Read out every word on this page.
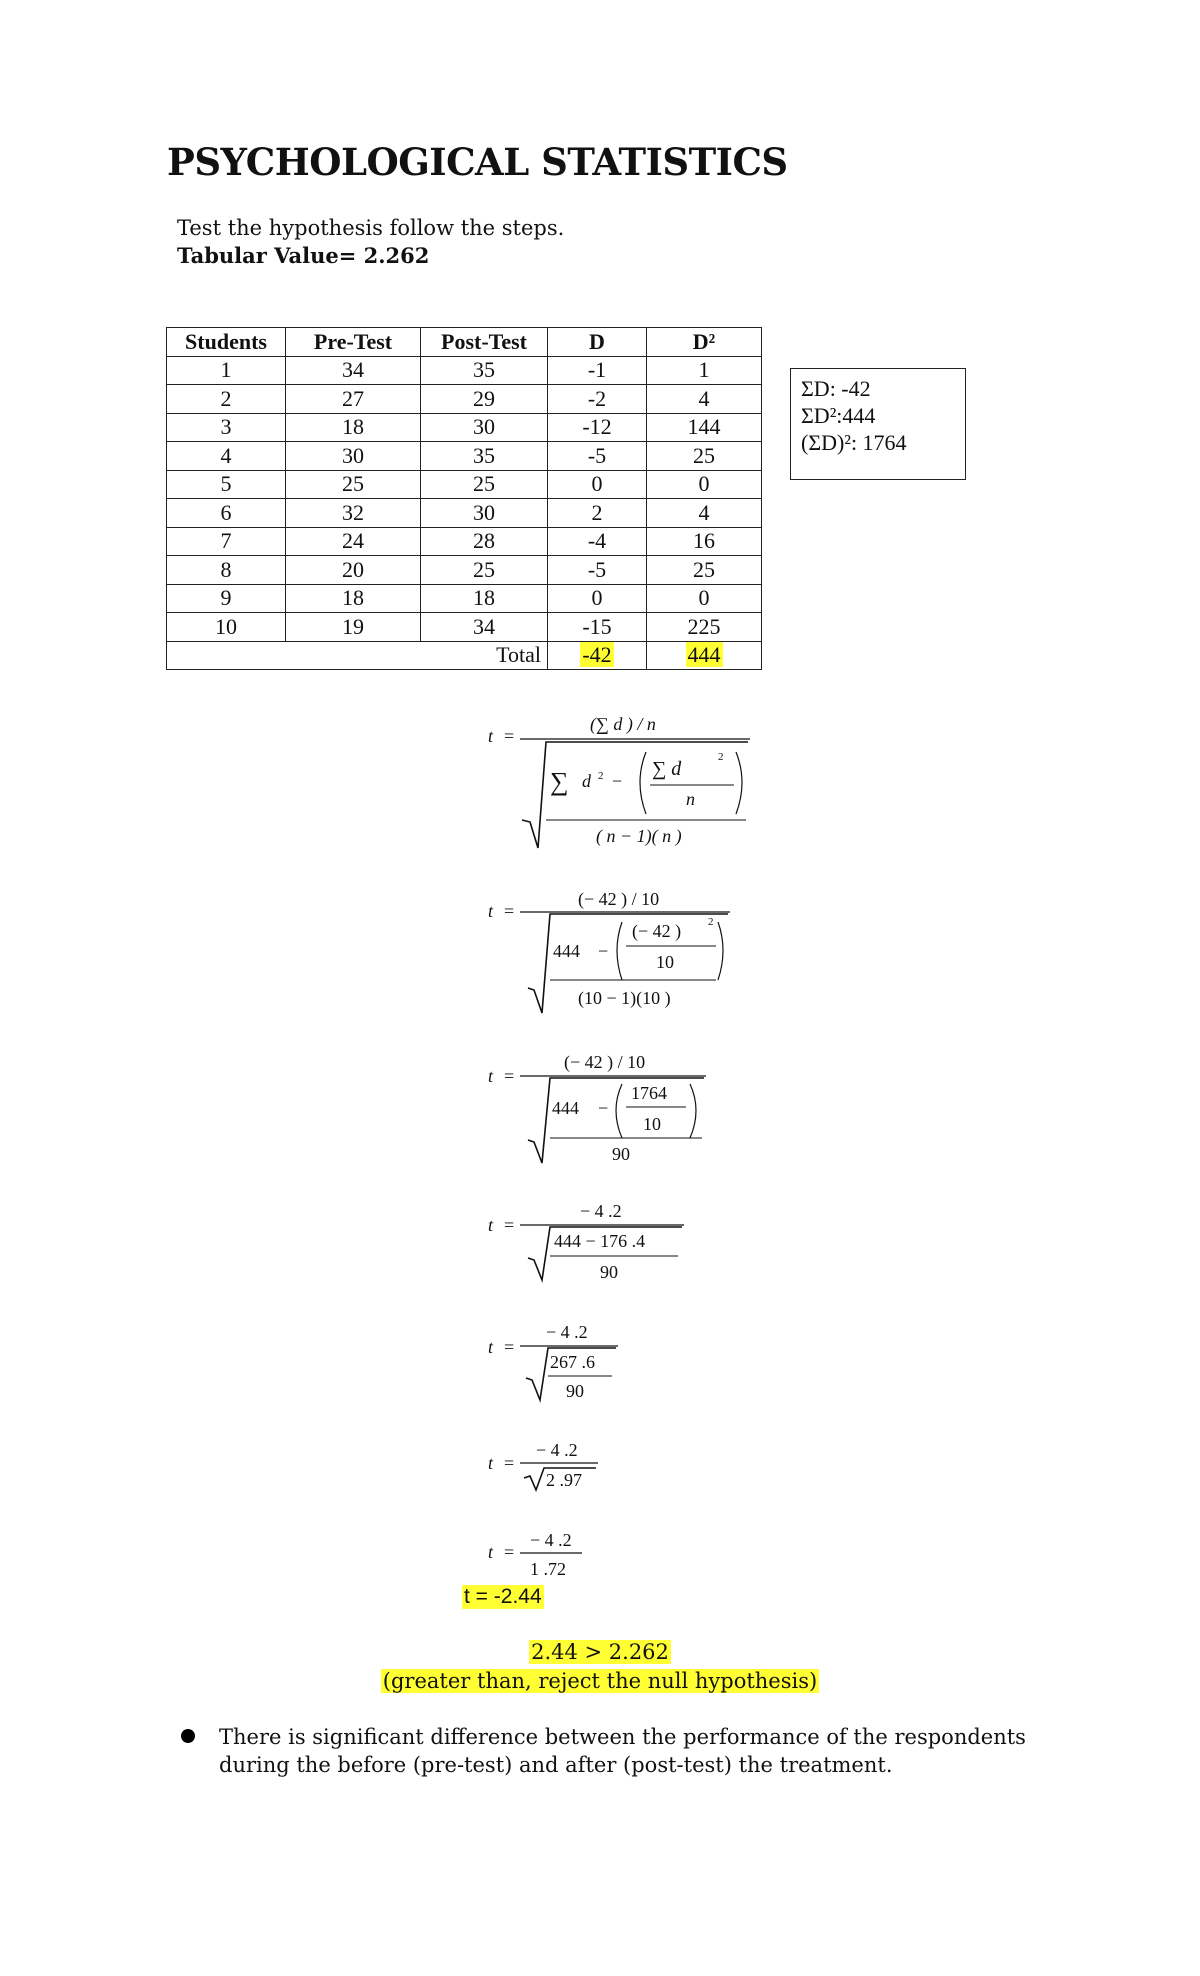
PSYCHOLOGICAL STATISTICS
Test the hypothesis follow the steps.
Tabular Value= 2.262
Students	Pre-Test	Post-Test	D	D²
1	34	35	-1	1
2	27	29	-2	4
3	18	30	-12	144
4	30	35	-5	25
5	25	25	0	0
6	32	30	2	4
7	24	28	-4	16
8	20	25	-5	25
9	18	18	0	0
10	19	34	-15	225
Total			-42	444
ΣD: -42
ΣD²:444
(ΣD)²: 1764
t =
(∑ d ) / n
∑ d 2 −
∑ d
2
n
( n − 1)( n )
t =
(− 42 ) / 10
444 −
(− 42 ) 2
10
(10 − 1)(10 )
t =
(− 42 ) / 10
444 −
1764
10
90
t =
− 4 .2
444 − 176 .4
90
t =
− 4 .2
267 .6
90
t =
− 4 .2
2 .97
t =
− 4 .2
1 .72
t = -2.44
2.44 > 2.262
(greater than, reject the null hypothesis)
There is significant difference between the performance of the respondents during the before (pre-test) and after (post-test) the treatment.
